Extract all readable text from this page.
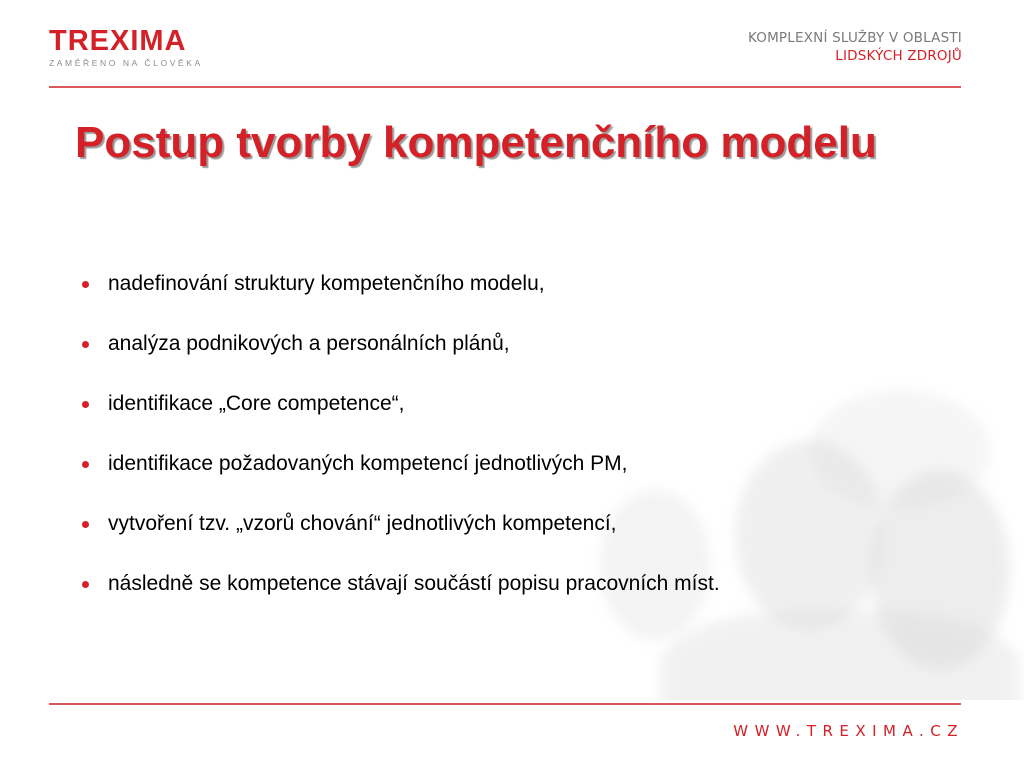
TREXIMA
ZAMĚŘENO NA ČLOVĚKA
KOMPLEXNÍ SLUŽBY V OBLASTI
LIDSKÝCH ZDROJŮ
Postup tvorby kompetenčního modelu
nadefinování struktury kompetenčního modelu,
analýza podnikových a personálních plánů,
identifikace „Core competence“,
identifikace požadovaných kompetencí jednotlivých PM,
vytvoření tzv. „vzorů chování“ jednotlivých kompetencí,
následně se kompetence stávají součástí popisu pracovních míst.
WWW.TREXIMA.CZ
